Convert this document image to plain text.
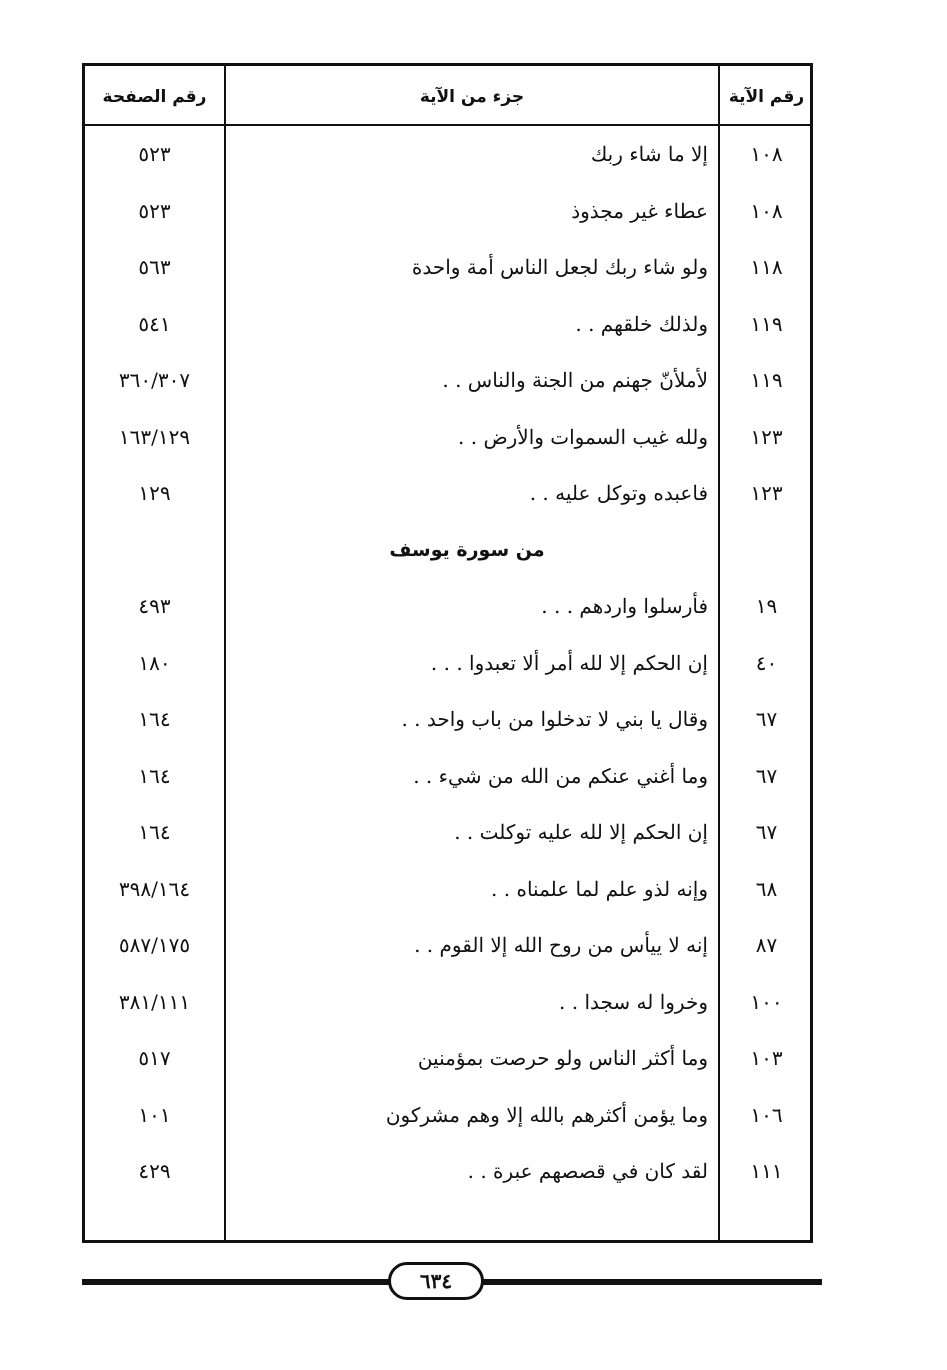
رقم الصفحة	جزء من الآية	رقم الآية
١٠٨
إلا ما شاء ربك
٥٢٣
١٠٨
عطاء غير مجذوذ
٥٢٣
١١٨
ولو شاء ربك لجعل الناس أمة واحدة
٥٦٣
١١٩
ولذلك خلقهم . .
٥٤١
١١٩
لأملأنّ جهنم من الجنة والناس . .
٣٦٠/٣٠٧
١٢٣
ولله غيب السموات والأرض . .
١٦٣/١٢٩
١٢٣
فاعبده وتوكل عليه . .
١٢٩
من سورة يوسف
١٩
فأرسلوا واردهم . . .
٤٩٣
٤٠
إن الحكم إلا لله أمر ألا تعبدوا . . .
١٨٠
٦٧
وقال يا بني لا تدخلوا من باب واحد . .
١٦٤
٦٧
وما أغني عنكم من الله من شيء . .
١٦٤
٦٧
إن الحكم إلا لله عليه توكلت . .
١٦٤
٦٨
وإنه لذو علم لما علمناه . .
٣٩٨/١٦٤
٨٧
إنه لا ييأس من روح الله إلا القوم . .
٥٨٧/١٧٥
١٠٠
وخروا له سجدا . .
٣٨١/١١١
١٠٣
وما أكثر الناس ولو حرصت بمؤمنين
٥١٧
١٠٦
وما يؤمن أكثرهم بالله إلا وهم مشركون
١٠١
١١١
لقد كان في قصصهم عبرة . .
٤٢٩
٦٣٤
